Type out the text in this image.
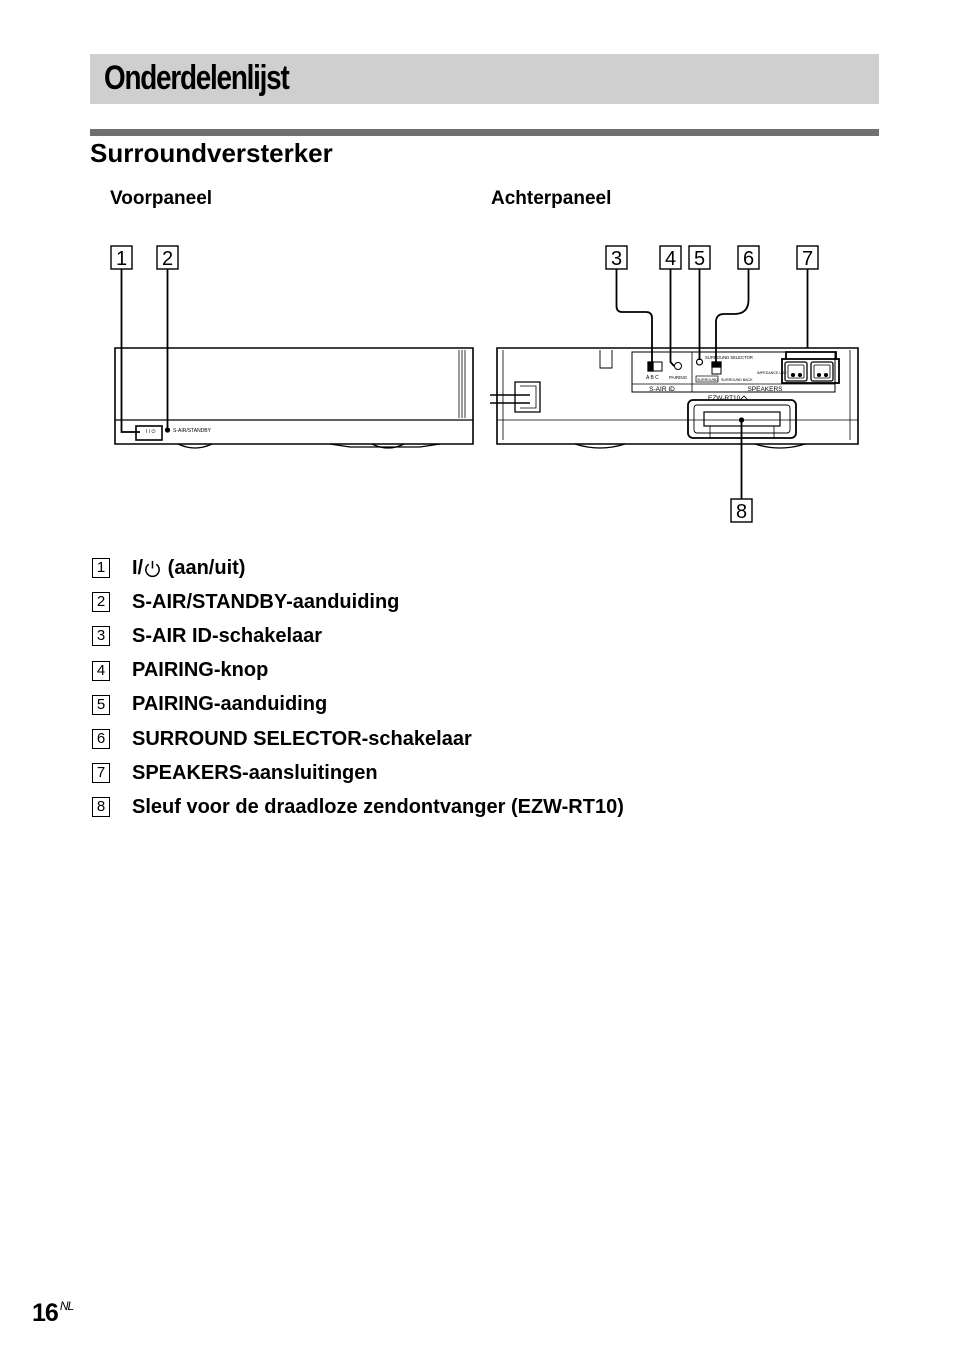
Onderdelenlijst
Surroundversterker
Voorpaneel	Achterpaneel
1 2	3 4 5 6 7
8
I / ⏻	S-AIR/STANDBY
A B C PAIRING
S-AIR ID
SURROUND SELECTOR
SURROUND SURROUND BACK
IMPEDANCE USE
SPEAKERS
EZW-RT10
1 I/ (aan/uit)
2 S-AIR/STANDBY-aanduiding
3 S-AIR ID-schakelaar
4 PAIRING-knop
5 PAIRING-aanduiding
6 SURROUND SELECTOR-schakelaar
7 SPEAKERS-aansluitingen
8 Sleuf voor de draadloze zendontvanger (EZW-RT10)
16 $^{NL}$
